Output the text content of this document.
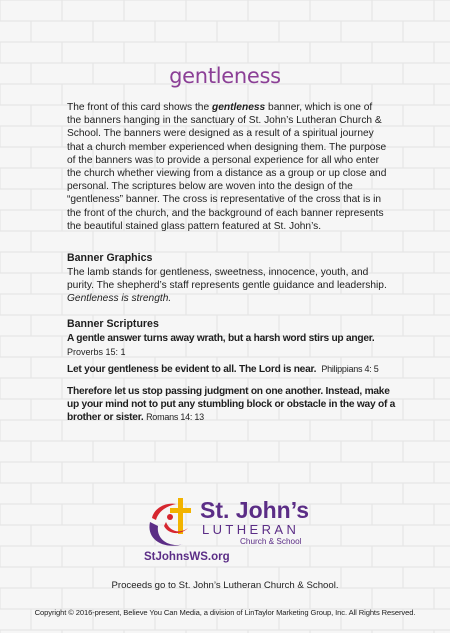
gentleness

The front of this card shows the gentleness banner, which is one of the banners hanging in the sanctuary of St. John’s Lutheran Church & School. The banners were designed as a result of a spiritual journey that a church member experienced when designing them. The purpose of the banners was to provide a personal experience for all who enter the church whether viewing from a distance as a group or up close and personal. The scriptures below are woven into the design of the “gentleness” banner. The cross is representative of the cross that is in the front of the church, and the background of each banner represents the beautiful stained glass pattern featured at St. John’s.

Banner Graphics

The lamb stands for gentleness, sweetness, innocence, youth, and purity. The shepherd’s staff represents gentle guidance and leadership. Gentleness is strength.

Banner Scriptures

A gentle answer turns away wrath, but a harsh word stirs up anger.

Proverbs 15: 1

Let your gentleness be evident to all. The Lord is near. Philippians 4: 5

Therefore let us stop passing judgment on one another. Instead, make up your mind not to put any stumbling block or obstacle in the way of a brother or sister. Romans 14: 13

St. John’s
LUTHERAN
Church & School
StJohnsWS.org

Proceeds go to St. John’s Lutheran Church & School.

Copyright © 2016-present, Believe You Can Media, a division of LinTaylor Marketing Group, Inc. All Rights Reserved.
